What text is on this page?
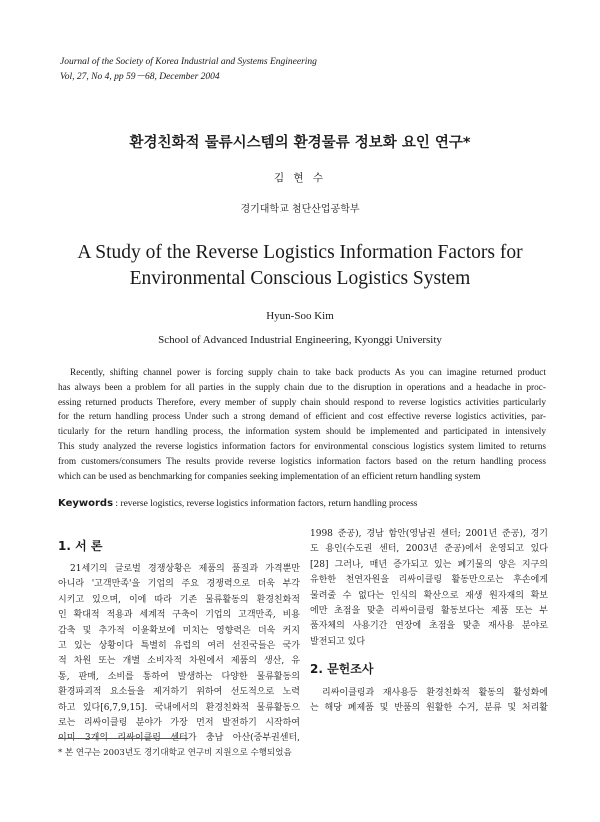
Journal of the Society of Korea Industrial and Systems Engineering
Vol, 27, No 4, pp 59－68, December 2004
환경친화적 물류시스템의 환경물류 정보화 요인 연구*
김 현 수
경기대학교 첨단산업공학부
A Study of the Reverse Logistics Information Factors for
Environmental Conscious Logistics System
Hyun-Soo Kim
School of Advanced Industrial Engineering, Kyonggi University
Recently, shifting channel power is forcing supply chain to take back products As you can imagine returned product
has always been a problem for all parties in the supply chain due to the disruption in operations and a headache in proc-
essing returned products Therefore, every member of supply chain should respond to reverse logistics activities particularly
for the return handling process Under such a strong demand of efficient and cost effective reverse logistics activities, par-
ticularly for the return handling process, the information system should be implemented and participated in intensively
This study analyzed the reverse logistics information factors for environmental conscious logistics system limited to returns
from customers/consumers The results provide reverse logistics information factors based on the return handling process
which can be used as benchmarking for companies seeking implementation of an efficient return handling system
Keywords : reverse logistics, reverse logistics information factors, return handling process
1. 서 론
21세기의 글로벌 경쟁상황은 제품의 품질과 가격뿐만
아니라 '고객만족'을 기업의 주요 경쟁력으로 더욱 부각
시키고 있으며, 이에 따라 기존 물류활동의 환경친화적
인 확대적 적용과 세계적 구축이 기업의 고객만족, 비용
감축 및 추가적 이윤확보에 미치는 영향력은 더욱 커지
고 있는 상황이다 특별히 유럽의 여러 선진국들은 국가
적 차원 또는 개별 소비자적 차원에서 제품의 생산, 유
통, 판매, 소비를 통하여 발생하는 다양한 물류활동의
환경파괴적 요소들을 제거하기 위하여 선도적으로 노력
하고 있다[6,7,9,15]. 국내에서의 환경친화적 물류활동으
로는 리싸이클링 분야가 가장 먼저 발전하기 시작하여
이미 3개의 리싸이클링 센터가 충남 아산(중부권센터,
1998 준공), 경남 함안(영남권 센터; 2001년 준공), 경기
도 용인(수도권 센터, 2003년 준공)에서 운영되고 있다
[28] 그러나, 매년 증가되고 있는 폐기물의 양은 지구의
유한한 천연자원을 리싸이클링 활동만으로는 후손에게
물려줄 수 없다는 인식의 확산으로 재생 원자재의 확보
에만 초점을 맞춘 리싸이클링 활동보다는 제품 또는 부
품자체의 사용기간 연장에 초점을 맞춘 재사용 분야로
발전되고 있다
2. 문헌조사
리싸이클링과 재사용등 환경친화적 활동의 활성화에
는 해당 폐제품 및 반품의 원활한 수거, 분류 및 처리활
* 본 연구는 2003년도 경기대학교 연구비 지원으로 수행되었음
